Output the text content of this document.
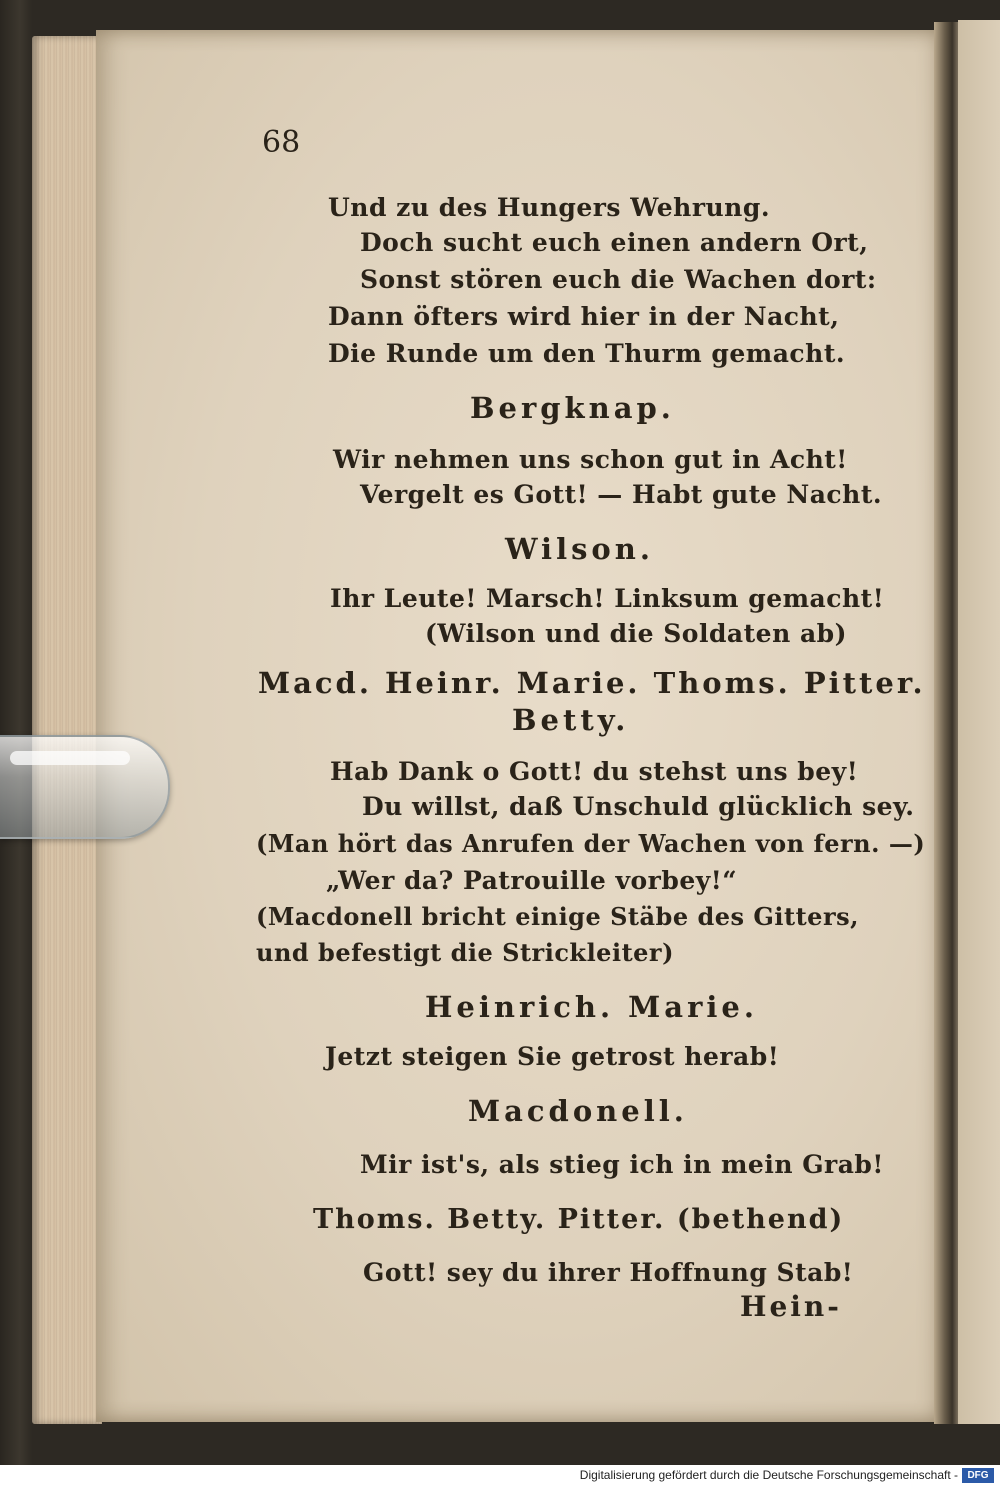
68
Und zu des Hungers Wehrung.
Doch sucht euch einen andern Ort,
Sonst stören euch die Wachen dort:
Dann öfters wird hier in der Nacht,
Die Runde um den Thurm gemacht.
Bergknap.
Wir nehmen uns schon gut in Acht!
Vergelt es Gott! — Habt gute Nacht.
Wilson.
Ihr Leute! Marsch! Linksum gemacht!
(Wilson und die Soldaten ab)
Macd. Heinr. Marie. Thoms. Pitter.
Betty.
Hab Dank o Gott! du stehst uns bey!
Du willst, daß Unschuld glücklich sey.
(Man hört das Anrufen der Wachen von fern. —)
„Wer da? Patrouille vorbey!“
(Macdonell bricht einige Stäbe des Gitters,
und befestigt die Strickleiter)
Heinrich. Marie.
Jetzt steigen Sie getrost herab!
Macdonell.
Mir ist's, als stieg ich in mein Grab!
Thoms. Betty. Pitter. (bethend)
Gott! sey du ihrer Hoffnung Stab!
Hein-
Digitalisierung gefördert durch die Deutsche Forschungsgemeinschaft - DFG
